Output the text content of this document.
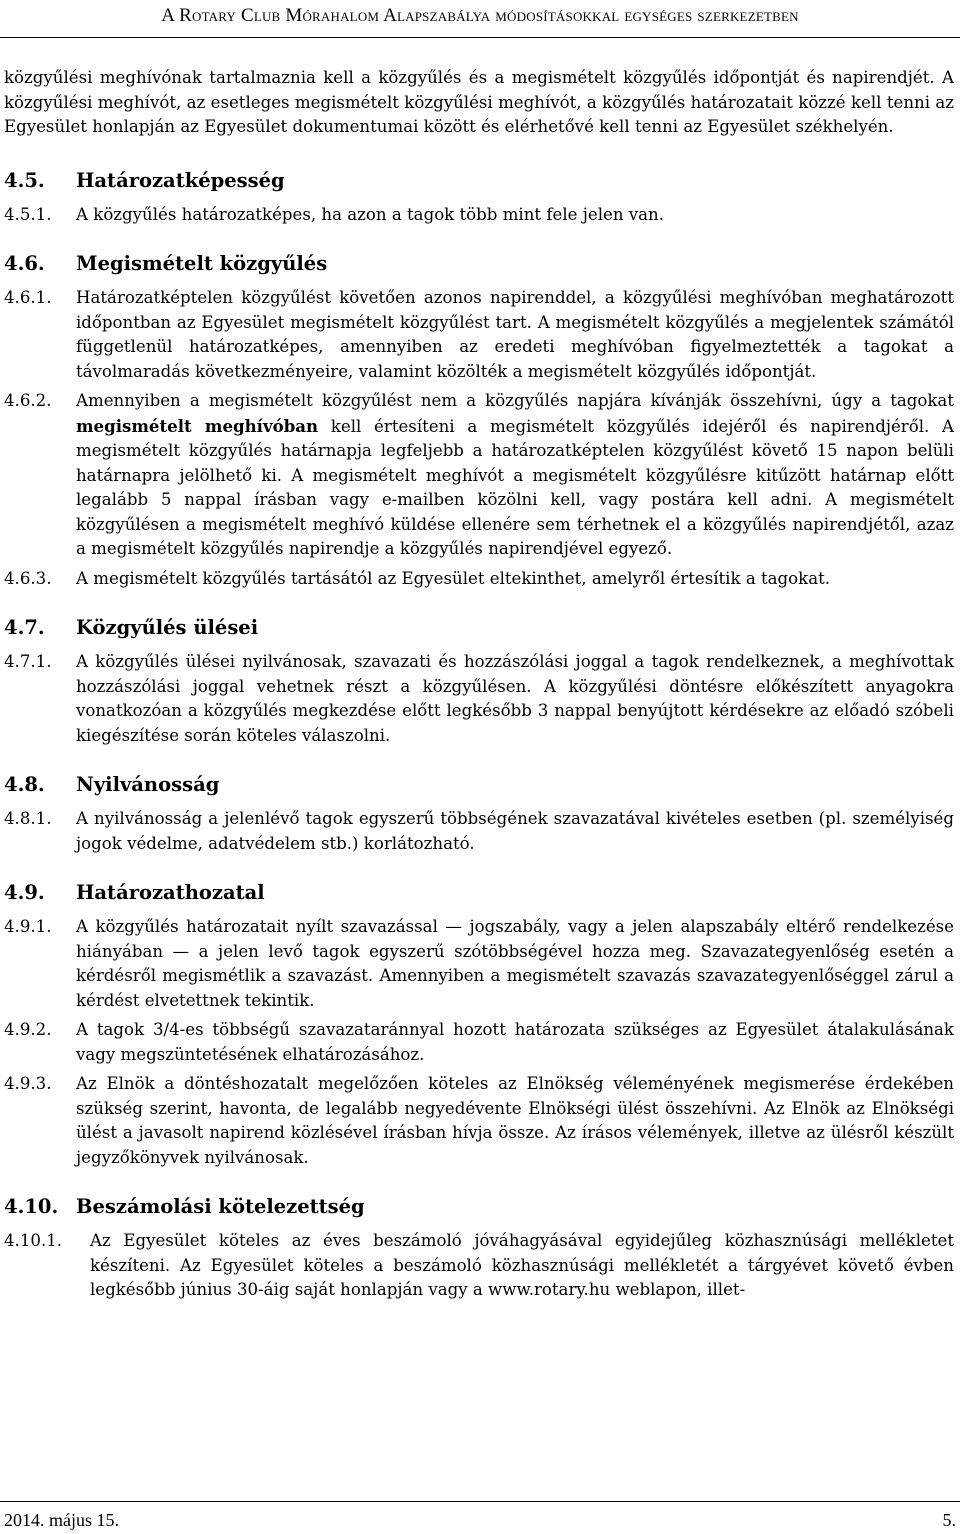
A Rotary Club Mórahalom Alapszabálya módosításokkal egységes szerkezetben

közgyűlési meghívónak tartalmaznia kell a közgyűlés és a megismételt közgyűlés időpontját és napirendjét. A közgyűlési meghívót, az esetleges megismételt közgyűlési meghívót, a közgyűlés határozatait közzé kell tenni az Egyesület honlapján az Egyesület dokumentumai között és elérhetővé kell tenni az Egyesület székhelyén.

4.5.	Határozatképesség
4.5.1.	A közgyűlés határozatképes, ha azon a tagok több mint fele jelen van.
4.6.	Megismételt közgyűlés
4.6.1.	Határozatképtelen közgyűlést követően azonos napirenddel, a közgyűlési meghívóban meghatározott időpontban az Egyesület megismételt közgyűlést tart. A megismételt közgyűlés a megjelentek számától függetlenül határozatképes, amennyiben az eredeti meghívóban figyelmeztették a tagokat a távolmaradás következményeire, valamint közölték a megismételt közgyűlés időpontját.
4.6.2.	Amennyiben a megismételt közgyűlést nem a közgyűlés napjára kívánják összehívni, úgy a tagokat megismételt meghívóban kell értesíteni a megismételt közgyűlés idejéről és napirendjéről. A megismételt közgyűlés határnapja legfeljebb a határozatképtelen közgyűlést követő 15 napon belüli határnapra jelölhető ki. A megismételt meghívót a megismételt közgyűlésre kitűzött határnap előtt legalább 5 nappal írásban vagy e-mailben közölni kell, vagy postára kell adni. A megismételt közgyűlésen a megismételt meghívó küldése ellenére sem térhetnek el a közgyűlés napirendjétől, azaz a megismételt közgyűlés napirendje a közgyűlés napirendjével egyező.
4.6.3.	A megismételt közgyűlés tartásától az Egyesület eltekinthet, amelyről értesítik a tagokat.
4.7.	Közgyűlés ülései
4.7.1.	A közgyűlés ülései nyilvánosak, szavazati és hozzászólási joggal a tagok rendelkeznek, a meghívottak hozzászólási joggal vehetnek részt a közgyűlésen. A közgyűlési döntésre előkészített anyagokra vonatkozóan a közgyűlés megkezdése előtt legkésőbb 3 nappal benyújtott kérdésekre az előadó szóbeli kiegészítése során köteles válaszolni.
4.8.	Nyilvánosság
4.8.1.	A nyilvánosság a jelenlévő tagok egyszerű többségének szavazatával kivételes esetben (pl. személyiség jogok védelme, adatvédelem stb.) korlátozható.
4.9.	Határozathozatal
4.9.1.	A közgyűlés határozatait nyílt szavazással — jogszabály, vagy a jelen alapszabály eltérő rendelkezése hiányában — a jelen levő tagok egyszerű szótöbbségével hozza meg. Szavazategyenlőség esetén a kérdésről megismétlik a szavazást. Amennyiben a megismételt szavazás szavazategyenlőséggel zárul a kérdést elvetettnek tekintik.
4.9.2.	A tagok 3/4-es többségű szavazataránnyal hozott határozata szükséges az Egyesület átalakulásának vagy megszüntetésének elhatározásához.
4.9.3.	Az Elnök a döntéshozatalt megelőzően köteles az Elnökség véleményének megismerése érdekében szükség szerint, havonta, de legalább negyedévente Elnökségi ülést összehívni. Az Elnök az Elnökségi ülést a javasolt napirend közlésével írásban hívja össze. Az írásos vélemények, illetve az ülésről készült jegyzőkönyvek nyilvánosak.
4.10. Beszámolási kötelezettség
4.10.1.	Az Egyesület köteles az éves beszámoló jóváhagyásával egyidejűleg közhasznúsági mellékletet készíteni. Az Egyesület köteles a beszámoló közhasznúsági mellékletét a tárgyévet követő évben legkésőbb június 30-áig saját honlapján vagy a www.rotary.hu weblapon, illet-
2014. május 15.	5.
